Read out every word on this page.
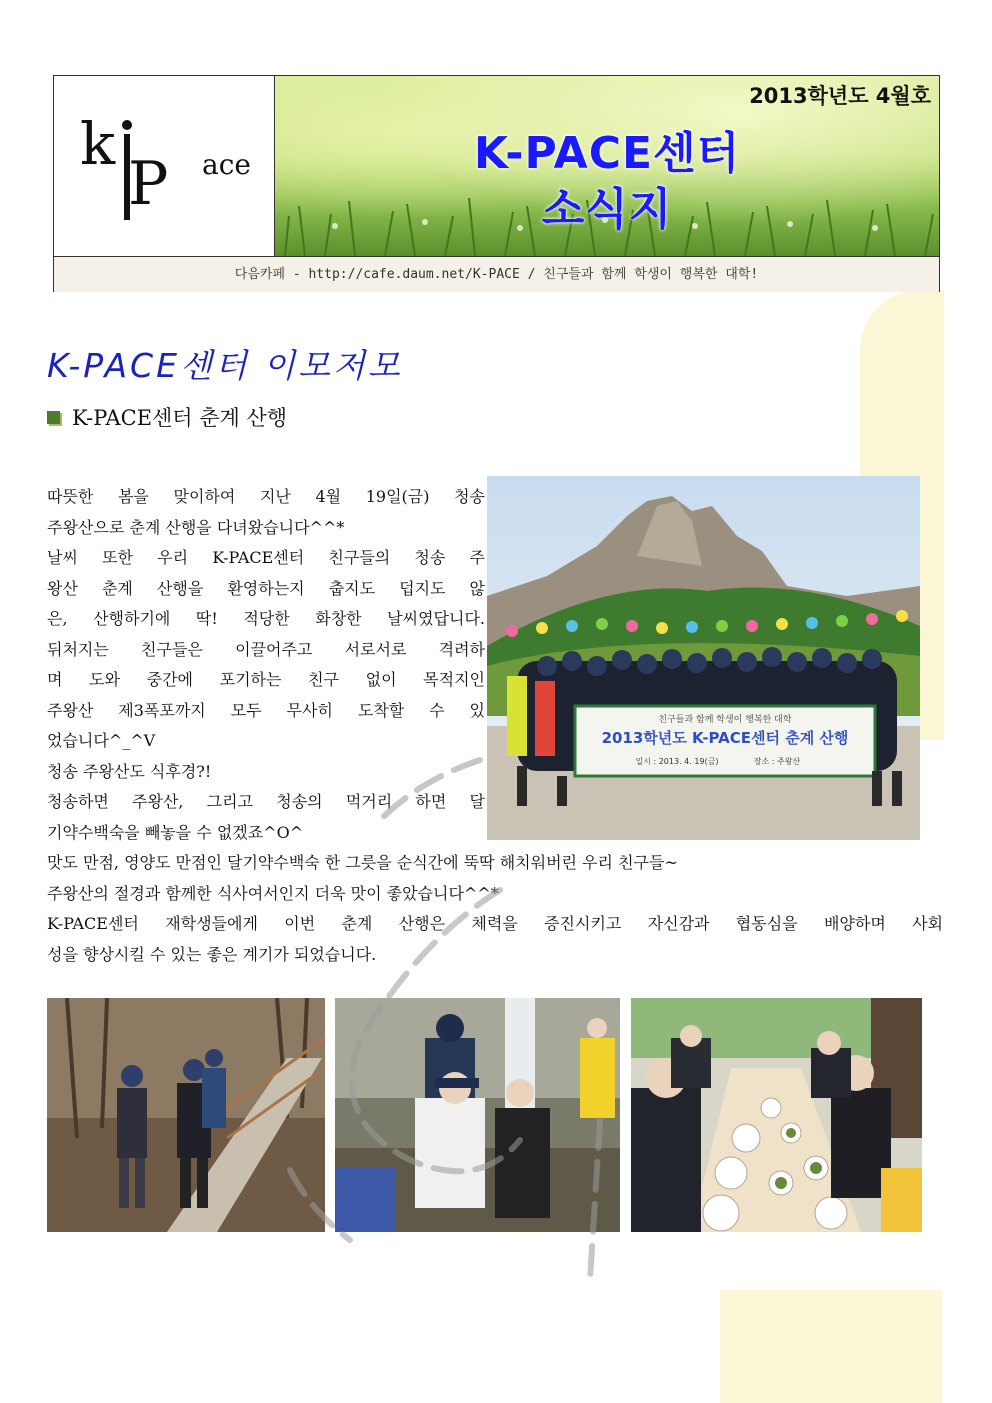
k
P ace
2013학년도 4월호
K-PACE센터
소식지
다음카페 - http://cafe.daum.net/K-PACE / 친구들과 함께 학생이 행복한 대학!
K-PACE센터 이모저모
K-PACE센터 춘계 산행
따뜻한 봄을 맞이하여 지난 4월 19일(금) 청송
주왕산으로 춘계 산행을 다녀왔습니다^^*
날씨 또한 우리 K-PACE센터 친구들의 청송 주
왕산 춘계 산행을 환영하는지 춥지도 덥지도 않
은, 산행하기에 딱! 적당한 화창한 날씨였답니다.
뒤처지는 친구들은 이끌어주고 서로서로 격려하
며 도와 중간에 포기하는 친구 없이 목적지인
주왕산 제3폭포까지 모두 무사히 도착할 수 있
었습니다^_^V
청송 주왕산도 식후경?!
청송하면 주왕산, 그리고 청송의 먹거리 하면 달
기약수백숙을 빼놓을 수 없겠죠^O^
맛도 만점, 영양도 만점인 달기약수백숙 한 그릇을 순식간에 뚝딱 해치워버린 우리 친구들~
주왕산의 절경과 함께한 식사여서인지 더욱 맛이 좋았습니다^^*
K-PACE센터 재학생들에게 이번 춘계 산행은 체력을 증진시키고 자신감과 협동심을 배양하며 사회
성을 향상시킬 수 있는 좋은 계기가 되었습니다.
친구들과 함께 학생이 행복한 대학
2013학년도 K-PACE센터 춘계 산행
일시 : 2013. 4. 19(금)	장소 : 주왕산
